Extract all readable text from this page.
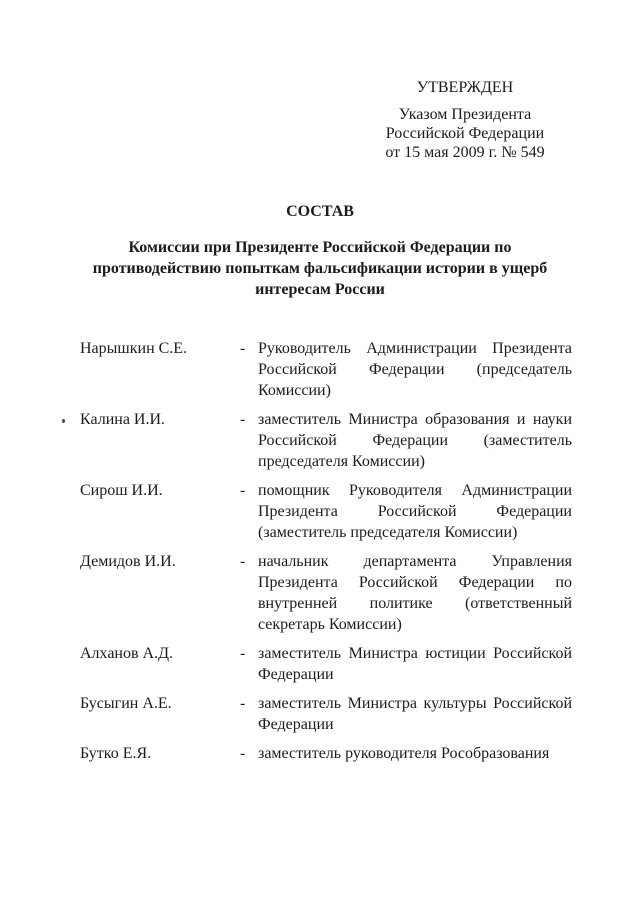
УТВЕРЖДЕН
Указом Президента
Российской Федерации
от 15 мая 2009 г. № 549
СОСТАВ
Комиссии при Президенте Российской Федерации по
противодействию попыткам фальсификации истории в ущерб
интересам России
Нарышкин С.Е.	- Руководитель Администрации Президента Российской Федерации (председатель Комиссии)
Калина И.И.	- заместитель Министра образования и науки Российской Федерации (заместитель председателя Комиссии)
Сирош И.И.	- помощник Руководителя Администрации Президента Российской Федерации (заместитель председателя Комиссии)
Демидов И.И.	- начальник департамента Управления Президента Российской Федерации по внутренней политике (ответственный секретарь Комиссии)
Алханов А.Д.	- заместитель Министра юстиции Российской Федерации
Бусыгин А.Е.	- заместитель Министра культуры Российской Федерации
Бутко Е.Я.	- заместитель руководителя Рособразования
